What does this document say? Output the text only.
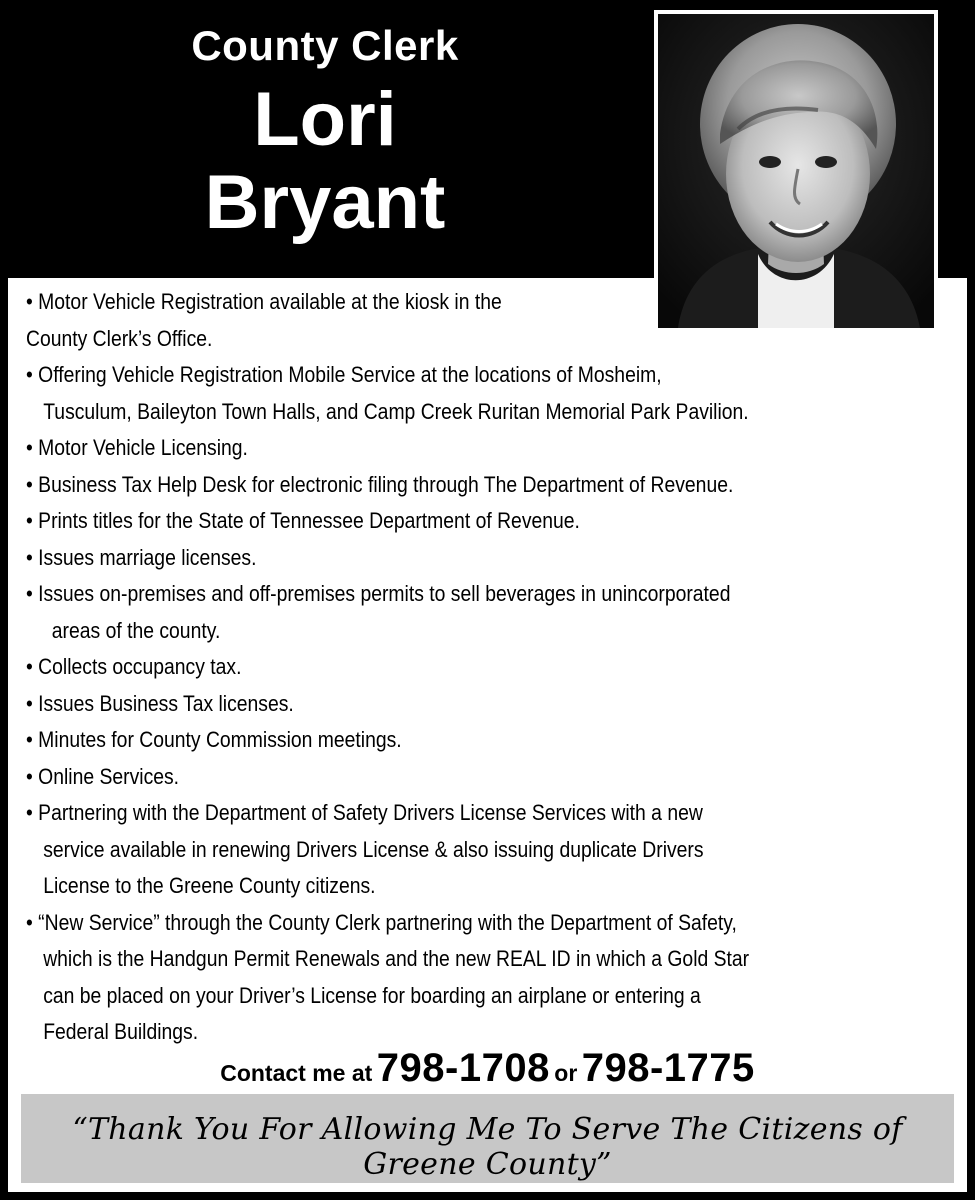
County Clerk
Lori
Bryant
• Motor Vehicle Registration available at the kiosk in the
County Clerk’s Office.
• Offering Vehicle Registration Mobile Service at the locations of Mosheim,
Tusculum, Baileyton Town Halls, and Camp Creek Ruritan Memorial Park Pavilion.
• Motor Vehicle Licensing.
• Business Tax Help Desk for electronic filing through The Department of Revenue.
• Prints titles for the State of Tennessee Department of Revenue.
• Issues marriage licenses.
• Issues on-premises and off-premises permits to sell beverages in unincorporated
areas of the county.
• Collects occupancy tax.
• Issues Business Tax licenses.
• Minutes for County Commission meetings.
• Online Services.
• Partnering with the Department of Safety Drivers License Services with a new
service available in renewing Drivers License & also issuing duplicate Drivers
License to the Greene County citizens.
• “New Service” through the County Clerk partnering with the Department of Safety,
which is the Handgun Permit Renewals and the new REAL ID in which a Gold Star
can be placed on your Driver’s License for boarding an airplane or entering a
Federal Buildings.
Contact me at 798-1708 or 798-1775
“Thank You For Allowing Me To Serve The Citizens of Greene County”
